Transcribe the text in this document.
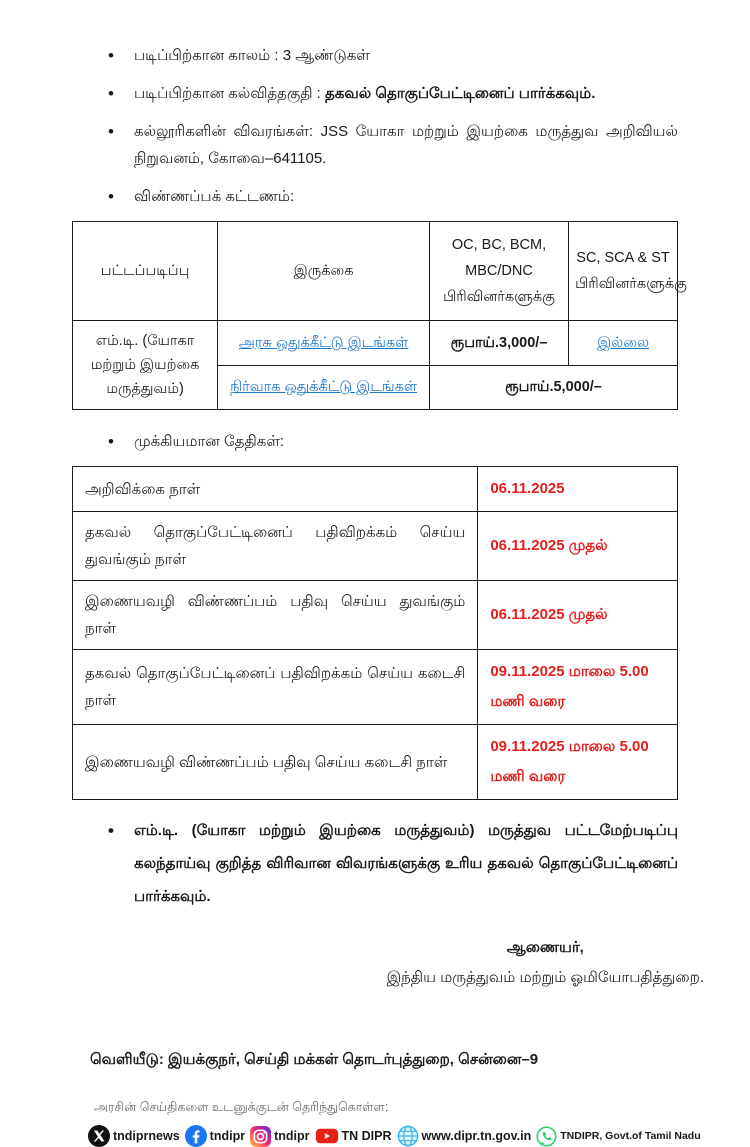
• படிப்பிற்கான காலம் : 3 ஆண்டுகள்
• படிப்பிற்கான கல்வித்தகுதி : தகவல் தொகுப்பேட்டினைப் பார்க்கவும்.
• கல்லூரிகளின் விவரங்கள்: JSS யோகா மற்றும் இயற்கை மருத்துவ அறிவியல் நிறுவனம், கோவை–641105.
• விண்ணப்பக் கட்டணம்:
பட்டப்படிப்பு	இருக்கை	OC, BC, BCM, MBC/DNC பிரிவினர்களுக்கு	SC, SCA & ST பிரிவினர்களுக்கு
எம்.டி. (யோகா மற்றும் இயற்கை மருத்துவம்)	அரசு ஒதுக்கீட்டு இடங்கள்	ரூபாய்.3,000/–	இல்லை
	நிர்வாக ஒதுக்கீட்டு இடங்கள்	ரூபாய்.5,000/–	
• முக்கியமான தேதிகள்:
அறிவிக்கை நாள்	06.11.2025
தகவல் தொகுப்பேட்டினைப் பதிவிறக்கம் செய்ய துவங்கும் நாள்	06.11.2025 முதல்
இணையவழி விண்ணப்பம் பதிவு செய்ய துவங்கும் நாள்	06.11.2025 முதல்
தகவல் தொகுப்பேட்டினைப் பதிவிறக்கம் செய்ய கடைசி நாள்	09.11.2025 மாலை 5.00 மணி வரை
இணையவழி விண்ணப்பம் பதிவு செய்ய கடைசி நாள்	09.11.2025 மாலை 5.00 மணி வரை
• எம்.டி. (யோகா மற்றும் இயற்கை மருத்துவம்) மருத்துவ பட்டமேற்படிப்பு கலந்தாய்வு குறித்த விரிவான விவரங்களுக்கு உரிய தகவல் தொகுப்பேட்டினைப் பார்க்கவும்.
ஆணையர்,
இந்திய மருத்துவம் மற்றும் ஓமியோபதித்துறை.
வெளியீடு: இயக்குநர், செய்தி மக்கள் தொடர்புத்துறை, சென்னை–9
அரசின் செய்திகளை உடனுக்குடன் தெரிந்துகொள்ள:
tndiprnews tndipr tndipr	TN DIPR www.dipr.tn.gov.in	TNDIPR, Govt.of Tamil Nadu
